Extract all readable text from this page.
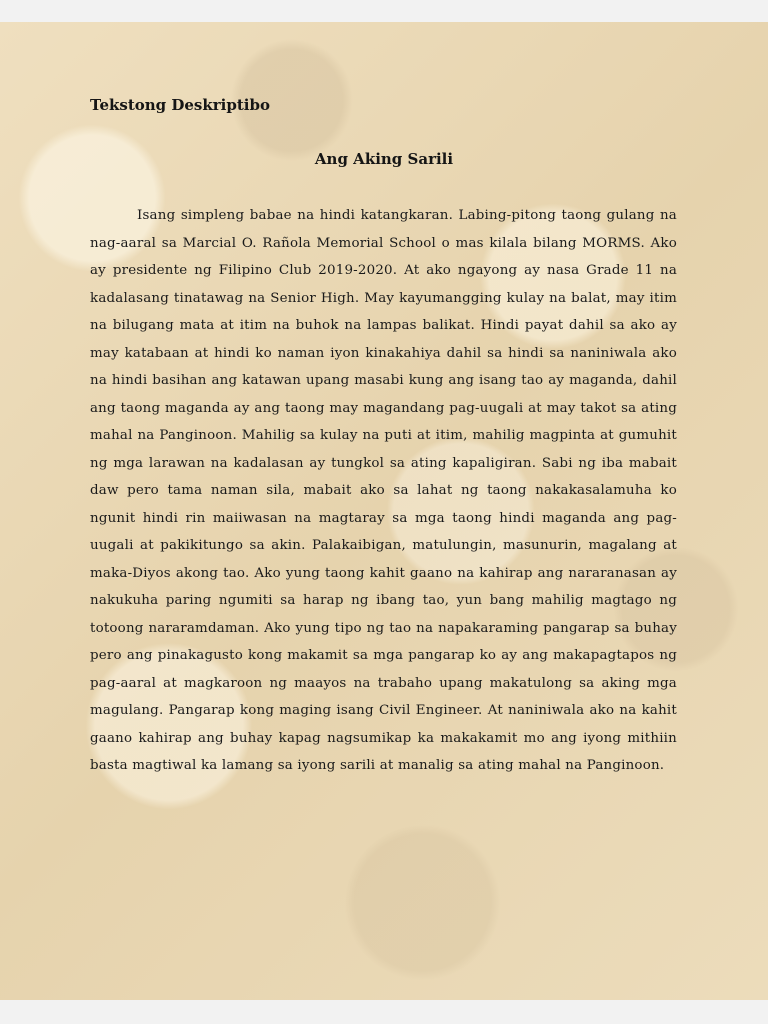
Tekstong Deskriptibo
Ang Aking Sarili

Isang simpleng babae na hindi katangkaran. Labing-pitong taong gulang na nag-aaral sa Marcial O. Rañola Memorial School o mas kilala bilang MORMS. Ako ay presidente ng Filipino Club 2019-2020. At ako ngayong ay nasa Grade 11 na kadalasang tinatawag na Senior High. May kayumangging kulay na balat, may itim na bilugang mata at itim na buhok na lampas balikat. Hindi payat dahil sa ako ay may katabaan at hindi ko naman iyon kinakahiya dahil sa hindi sa naniniwala ako na hindi basihan ang katawan upang masabi kung ang isang tao ay maganda, dahil ang taong maganda ay ang taong may magandang pag-uugali at may takot sa ating mahal na Panginoon. Mahilig sa kulay na puti at itim, mahilig magpinta at gumuhit ng mga larawan na kadalasan ay tungkol sa ating kapaligiran. Sabi ng iba mabait daw pero tama naman sila, mabait ako sa lahat ng taong nakakasalamuha ko ngunit hindi rin maiiwasan na magtaray sa mga taong hindi maganda ang pag-uugali at pakikitungo sa akin. Palakaibigan, matulungin, masunurin, magalang at maka-Diyos akong tao. Ako yung taong kahit gaano na kahirap ang nararanasan ay nakukuha paring ngumiti sa harap ng ibang tao, yun bang mahilig magtago ng totoong nararamdaman. Ako yung tipo ng tao na napakaraming pangarap sa buhay pero ang pinakagusto kong makamit sa mga pangarap ko ay ang makapagtapos ng pag-aaral at magkaroon ng maayos na trabaho upang makatulong sa aking mga magulang. Pangarap kong maging isang Civil Engineer. At naniniwala ako na kahit gaano kahirap ang buhay kapag nagsumikap ka makakamit mo ang iyong mithiin basta magtiwal ka lamang sa iyong sarili at manalig sa ating mahal na Panginoon.
